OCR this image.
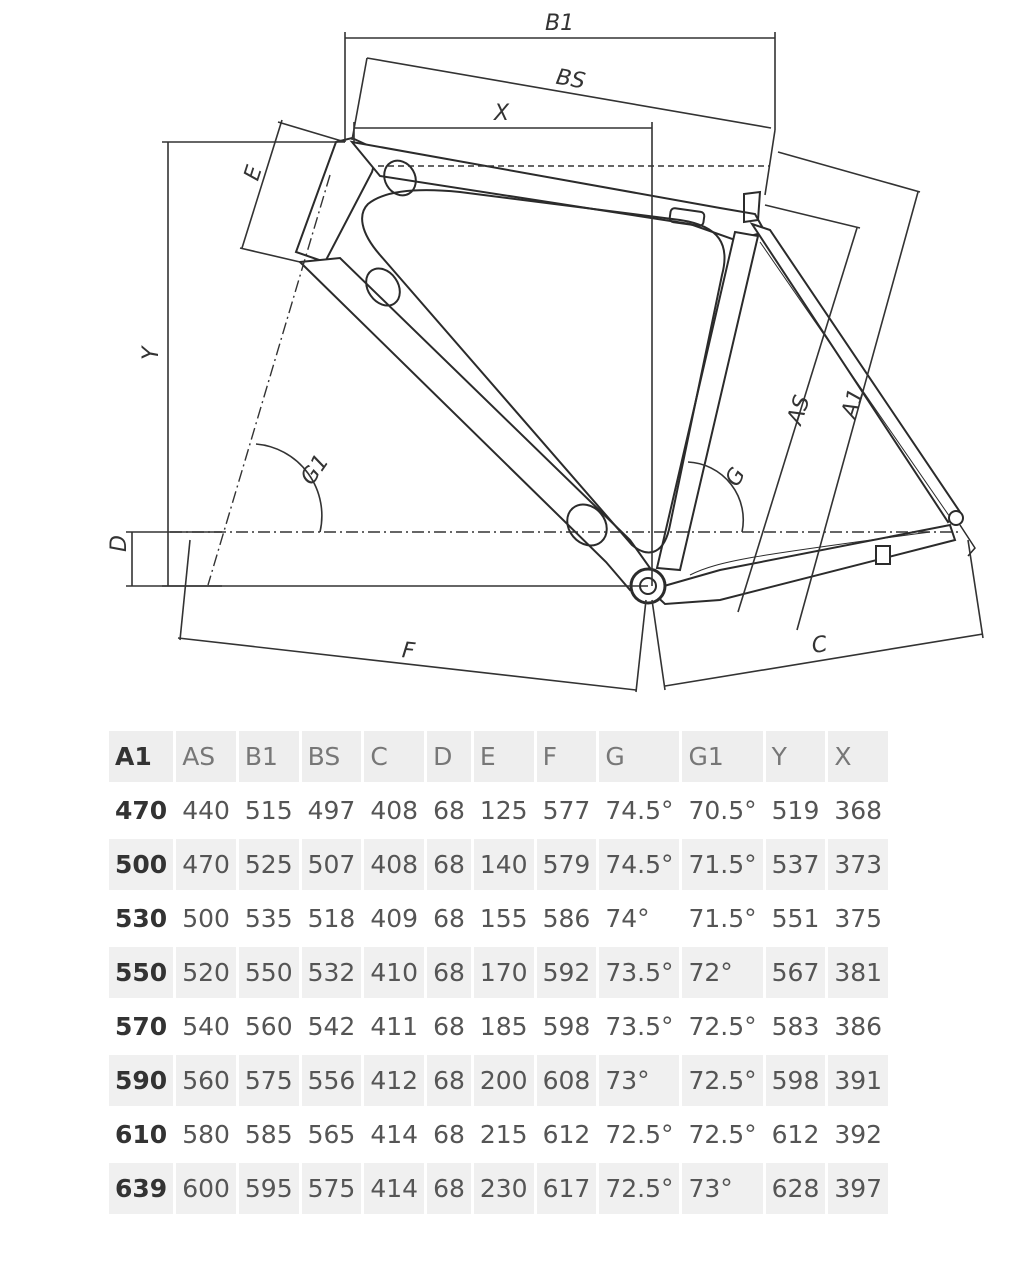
B1
BS
X
E
Y
D
G1	G
AS A1
F	C
A1	AS	B1	BS	C	D	E	F	G	G1	Y	X
470	440	515	497	408	68	125	577	74.5°	70.5°	519	368
500	470	525	507	408	68	140	579	74.5°	71.5°	537	373
530	500	535	518	409	68	155	586	74°	71.5°	551	375
550	520	550	532	410	68	170	592	73.5°	72°	567	381
570	540	560	542	411	68	185	598	73.5°	72.5°	583	386
590	560	575	556	412	68	200	608	73°	72.5°	598	391
610	580	585	565	414	68	215	612	72.5°	72.5°	612	392
639	600	595	575	414	68	230	617	72.5°	73°	628	397
